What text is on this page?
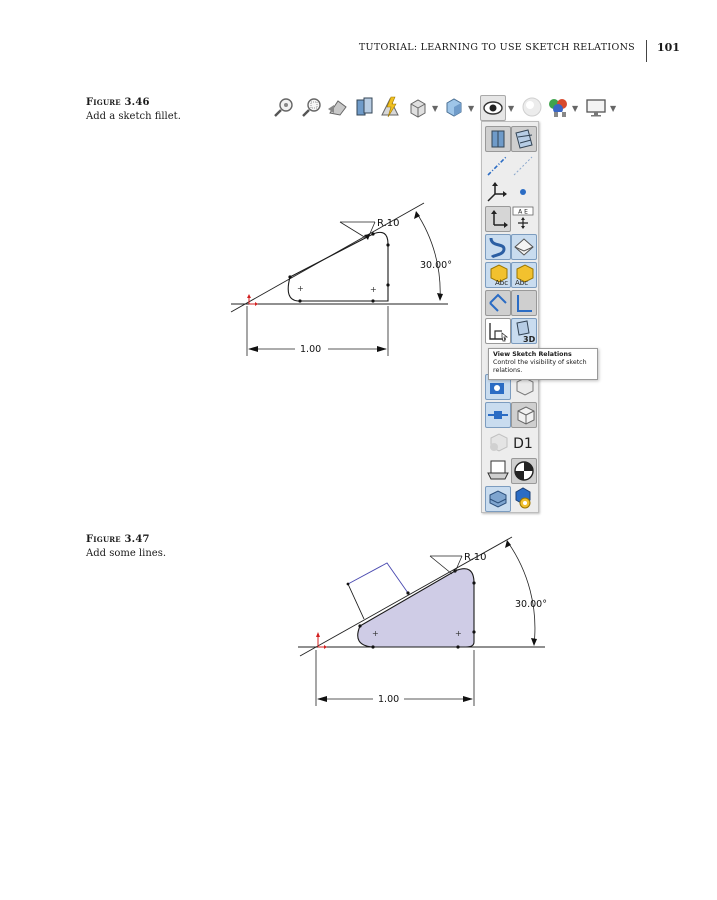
TUTORIAL: LEARNING TO USE SKETCH RELATIONS 101
Figure 3.46
Add a sketch fillet.
Figure 3.47
Add some lines.
▼	▼	▼	▼	▼
A E
Abc Abc
3D
D1
View Sketch Relations
Control the visibility of sketch relations.
+	+
R.10
30.00°
1.00
+	+
R.10
30.00°
1.00
